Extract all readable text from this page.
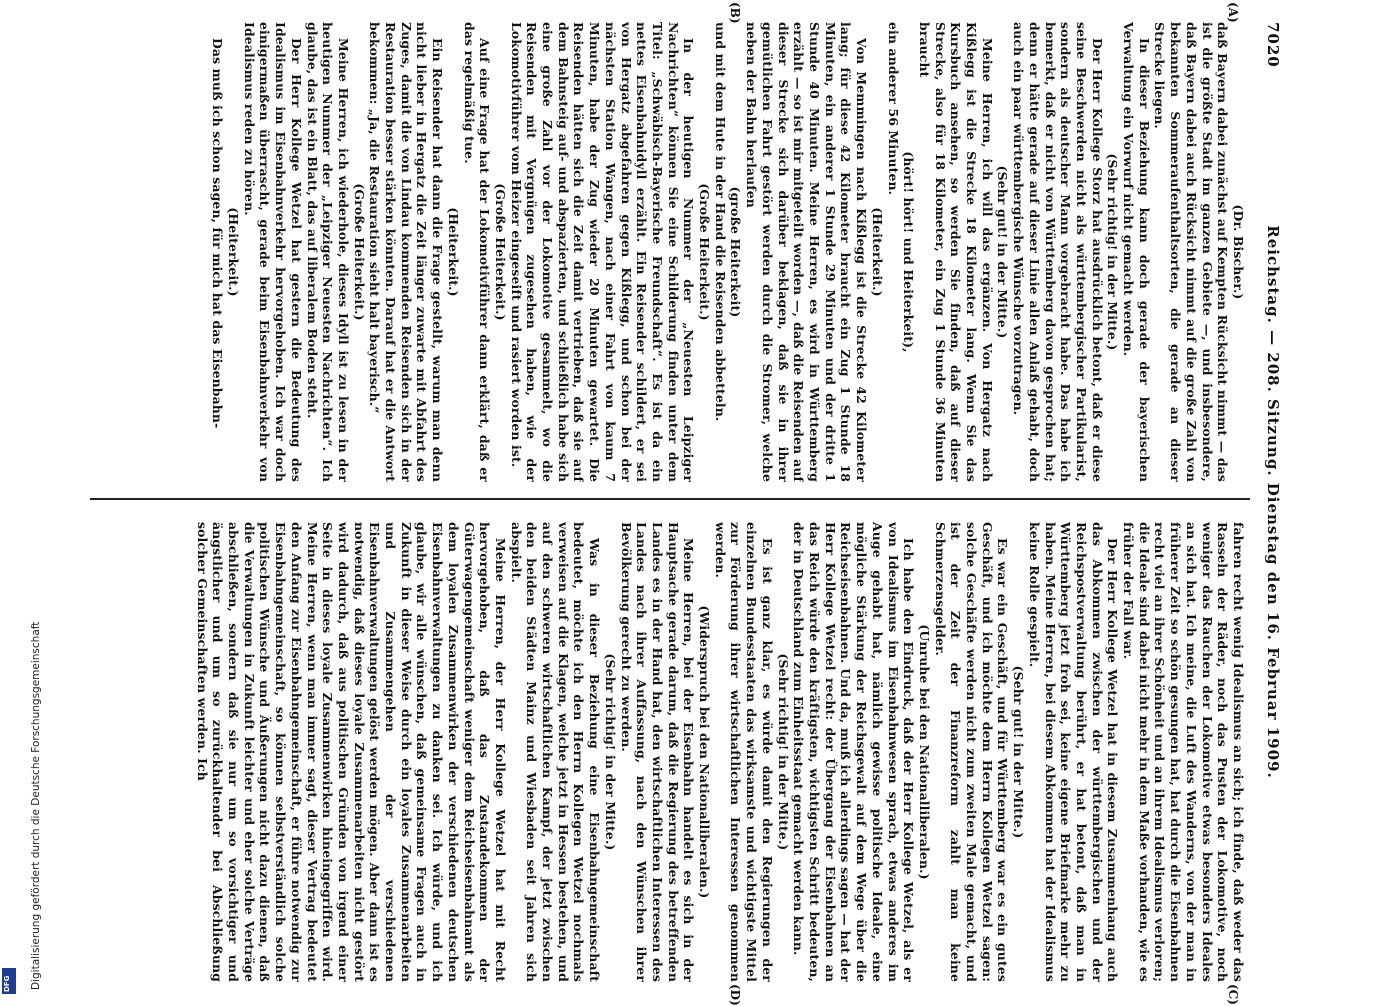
7020
Reichstag. — 208. Sitzung. Dienstag den 16. Februar 1909.
(A)
(B)
(C)
(D)

(Dr. Bischer.)

daß Bayern dabei zunächst auf Kempten Rücksicht nimmt — das ist die größte Stadt im ganzen Gebiete —, und insbesondere, daß Bayern dabei auch Rücksicht nimmt auf die große Zahl von bekannten Sommeraufenthaltsorten, die gerade an dieser Strecke liegen.

In dieser Beziehung kann doch gerade der bayerischen Verwaltung ein Vorwurf nicht gemacht werden.

(Sehr richtig! in der Mitte.)

Der Herr Kollege Storz hat ausdrücklich betont, daß er diese seine Beschwerden nicht als württembergischer Partikularist, sondern als deutscher Mann vorgebracht habe. Das habe ich bemerkt, daß er nicht von Württemberg davon gesprochen hat; denn er hätte gerade auf dieser Linie allen Anlaß gehabt, doch auch ein paar württembergische Wünsche vorzutragen.

(Sehr gut! in der Mitte.)

Meine Herren, ich will das ergänzen. Von Hergatz nach Kißlegg ist die Strecke 18 Kilometer lang. Wenn Sie das Kursbuch ansehen, so werden Sie finden, daß auf dieser Strecke, also für 18 Kilometer, ein Zug 1 Stunde 36 Minuten braucht

(hört! hört! und Heiterkeit),

ein anderer 56 Minuten.

(Heiterkeit.)

Von Memmingen nach Kißlegg ist die Strecke 42 Kilometer lang; für diese 42 Kilometer braucht ein Zug 1 Stunde 18 Minuten, ein anderer 1 Stunde 29 Minuten und der dritte 1 Stunde 40 Minuten. Meine Herren, es wird in Württemberg erzählt — so ist mir mitgeteilt worden —, daß die Reisenden auf dieser Strecke sich darüber beklagen, daß sie in ihrer gemütlichen Fahrt gestört werden durch die Stromer, welche neben der Bahn herlaufen

(große Heiterkeit)

und mit dem Hute in der Hand die Reisenden abbetteln.

(Große Heiterkeit.)

In der heutigen Nummer der „Neuesten Leipziger Nachrichten“ können Sie eine Schilderung finden unter dem Titel: „Schwäbisch-Bayerische Freundschaft“. Es ist da ein nettes Eisenbahnidyll erzählt. Ein Reisender schildert, er sei von Hergatz abgefahren gegen Kißlegg, und schon bei der nächsten Station Wangen, nach einer Fahrt von kaum 7 Minuten, habe der Zug wieder 20 Minuten gewartet. Die Reisenden hätten sich die Zeit damit vertrieben, daß sie auf dem Bahnsteig auf- und abspazierten, und schließlich habe sich eine große Zahl vor der Lokomotive gesammelt, wo die Reisenden mit Vergnügen zugesehen haben, wie der Lokomotivführer vom Heizer eingeseift und rasiert worden ist.

(Große Heiterkeit.)

Auf eine Frage hat der Lokomotivführer dann erklärt, daß er das regelmäßig tue.

(Heiterkeit.)

Ein Reisender hat dann die Frage gestellt, warum man denn nicht lieber in Hergatz die Zeit länger zuwarte mit Abfahrt des Zuges, damit die von Lindau kommenden Reisenden sich in der Restauration besser stärken könnten. Darauf hat er die Antwort bekommen: „Ja, die Restauration sieht halt bayerisch.“

(Große Heiterkeit.)

Meine Herren, ich wiederhole, dieses Idyll ist zu lesen in der heutigen Nummer der „Leipziger Neuesten Nachrichten“. Ich glaube, das ist ein Blatt, das auf liberalem Boden steht.

Der Herr Kollege Wetzel hat gestern die Bedeutung des Idealismus im Eisenbahnverkehr hervorgehoben. Ich war doch einigermaßen überrascht, gerade beim Eisenbahnverkehr von Idealismus reden zu hören.

(Heiterkeit.)

Das muß ich schon sagen, für mich hat das Eisenbahn-

fahren recht wenig Idealismus an sich; ich finde, daß weder das Rasseln der Räder, noch das Pusten der Lokomotive, noch weniger das Rauchen der Lokomotive etwas besonders Ideales an sich hat. Ich meine, die Luft des Wanderns, von der man in früherer Zeit so schön gesungen hat, hat durch die Eisenbahnen recht viel an ihrer Schönheit und an ihrem Idealismus verloren; die Ideale sind dabei nicht mehr in dem Maße vorhanden, wie es früher der Fall war.

Der Herr Kollege Wetzel hat in diesem Zusammenhang auch das Abkommen zwischen der württembergischen und der Reichspostverwaltung berührt, er hat betont, daß man in Württemberg jetzt froh sei, keine eigene Briefmarke mehr zu haben. Meine Herren, bei diesem Abkommen hat der Idealismus keine Rolle gespielt.

(Sehr gut! in der Mitte.)

Es war ein Geschäft, und für Württemberg war es ein gutes Geschäft, und ich möchte dem Herrn Kollegen Wetzel sagen: solche Geschäfte werden nicht zum zweiten Male gemacht, und ist der Zeit der Finanzreform zahlt man keine Schmerzensgelder.

(Unruhe bei den Nationalliberalen.)

Ich habe den Eindruck, daß der Herr Kollege Wetzel, als er von Idealismus im Eisenbahnwesen sprach, etwas anderes im Auge gehabt hat, nämlich gewisse politische Ideale, eine mögliche Stärkung der Reichsgewalt auf dem Wege über die Reichseisenbahnen. Und da, muß ich allerdings sagen — hat der Herr Kollege Wetzel recht: der Übergang der Eisenbahnen an das Reich würde den kräftigsten, wichtigsten Schritt bedeuten, der in Deutschland zum Einheitsstaat gemacht werden kann.

(Sehr richtig! in der Mitte.)

Es ist ganz klar, es würde damit den Regierungen der einzelnen Bundesstaaten das wirksamste und wichtigste Mittel zur Förderung ihrer wirtschaftlichen Interessen genommen werden.

(Widerspruch bei den Nationalliberalen.)

Meine Herren, bei der Eisenbahn handelt es sich in der Hauptsache gerade darum, daß die Regierung des betreffenden Landes es in der Hand hat, den wirtschaftlichen Interessen des Landes nach ihrer Auffassung, nach den Wünschen ihrer Bevölkerung gerecht zu werden.

(Sehr richtig! in der Mitte.)

Was in dieser Beziehung eine Eisenbahngemeinschaft bedeutet, möchte ich den Herrn Kollegen Wetzel nochmals verweisen auf die Klagen, welche jetzt in Hessen bestehen, und auf den schweren wirtschaftlichen Kampf, der jetzt zwischen den beiden Städten Mainz und Wiesbaden seit Jahren sich abspielt.

Meine Herren, der Herr Kollege Wetzel hat mit Recht hervorgehoben, daß das Zustandekommen der Güterwagengemeinschaft weniger dem Reichseisenbahnamt als dem loyalen Zusammenwirken der verschiedenen deutschen Eisenbahnverwaltungen zu danken sei. Ich würde, und ich glaube, wir alle wünschen, daß gemeinsame Fragen auch in Zukunft in dieser Weise durch ein loyales Zusammenarbeiten und Zusammengehen der verschiedenen Eisenbahnverwaltungen gelöst werden mögen. Aber dann ist es notwendig, daß dieses loyale Zusammenarbeiten nicht gestört wird dadurch, daß aus politischen Gründen von irgend einer Seite in dieses loyale Zusammenwirken hineingegriffen wird. Meine Herren, wenn man immer sagt, dieser Vertrag bedeutet den Anfang zur Eisenbahngemeinschaft, er führe notwendig zur Eisenbahngemeinschaft, so können selbstverständlich solche politischen Wünsche und Äußerungen nicht dazu dienen, daß die Verwaltungen in Zukunft leichter und eher solche Verträge abschließen, sondern daß sie nur um so vorsichtiger und ängstlicher und um so zurückhaltender bei Abschließung solcher Gemeinschaften werden. Ich

Digitalisierung gefördert durch die Deutsche Forschungsgemeinschaft
DFG
